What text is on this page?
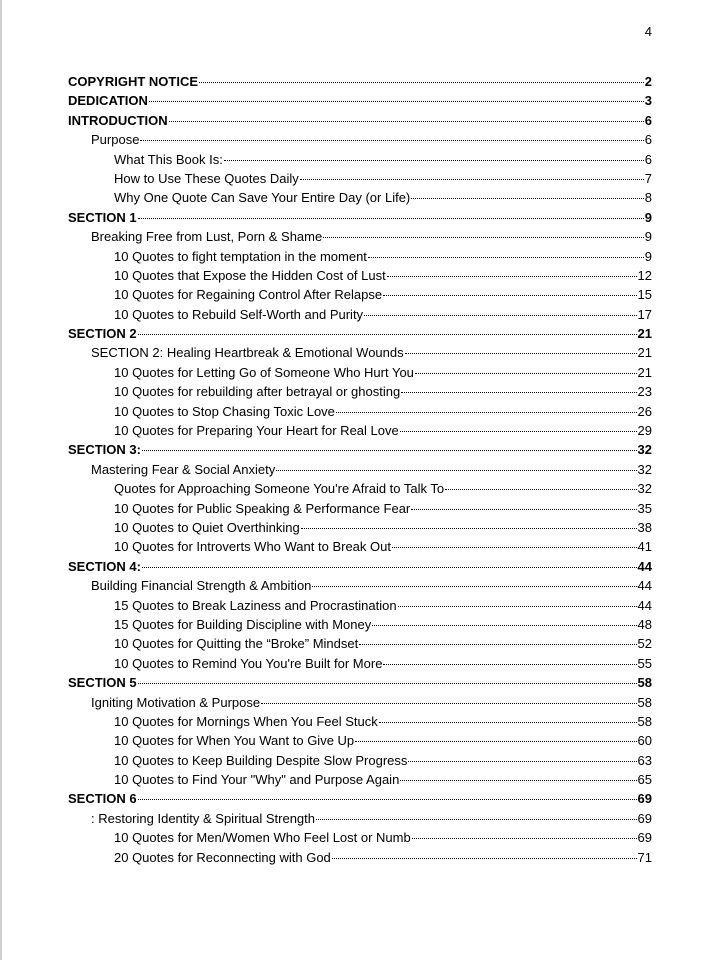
4
COPYRIGHT NOTICE	2
DEDICATION	3
INTRODUCTION	6
Purpose	6
What This Book Is:	6
How to Use These Quotes Daily	7
Why One Quote Can Save Your Entire Day (or Life)	8
SECTION 1	9
Breaking Free from Lust, Porn & Shame	9
10 Quotes to fight temptation in the moment	9
10 Quotes that Expose the Hidden Cost of Lust	12
10 Quotes for Regaining Control After Relapse	15
10 Quotes to Rebuild Self-Worth and Purity	17
SECTION 2	21
SECTION 2: Healing Heartbreak & Emotional Wounds	21
10 Quotes for Letting Go of Someone Who Hurt You	21
10 Quotes for rebuilding after betrayal or ghosting	23
10 Quotes to Stop Chasing Toxic Love	26
10 Quotes for Preparing Your Heart for Real Love	29
SECTION 3:	32
Mastering Fear & Social Anxiety	32
Quotes for Approaching Someone You're Afraid to Talk To	32
10 Quotes for Public Speaking & Performance Fear	35
10 Quotes to Quiet Overthinking	38
10 Quotes for Introverts Who Want to Break Out	41
SECTION 4:	44
Building Financial Strength & Ambition	44
15 Quotes to Break Laziness and Procrastination	44
15 Quotes for Building Discipline with Money	48
10 Quotes for Quitting the “Broke” Mindset	52
10 Quotes to Remind You You're Built for More	55
SECTION 5	58
Igniting Motivation & Purpose	58
10 Quotes for Mornings When You Feel Stuck	58
10 Quotes for When You Want to Give Up	60
10 Quotes to Keep Building Despite Slow Progress	63
10 Quotes to Find Your "Why" and Purpose Again	65
SECTION 6	69
: Restoring Identity & Spiritual Strength	69
10 Quotes for Men/Women Who Feel Lost or Numb	69
20 Quotes for Reconnecting with God	71
